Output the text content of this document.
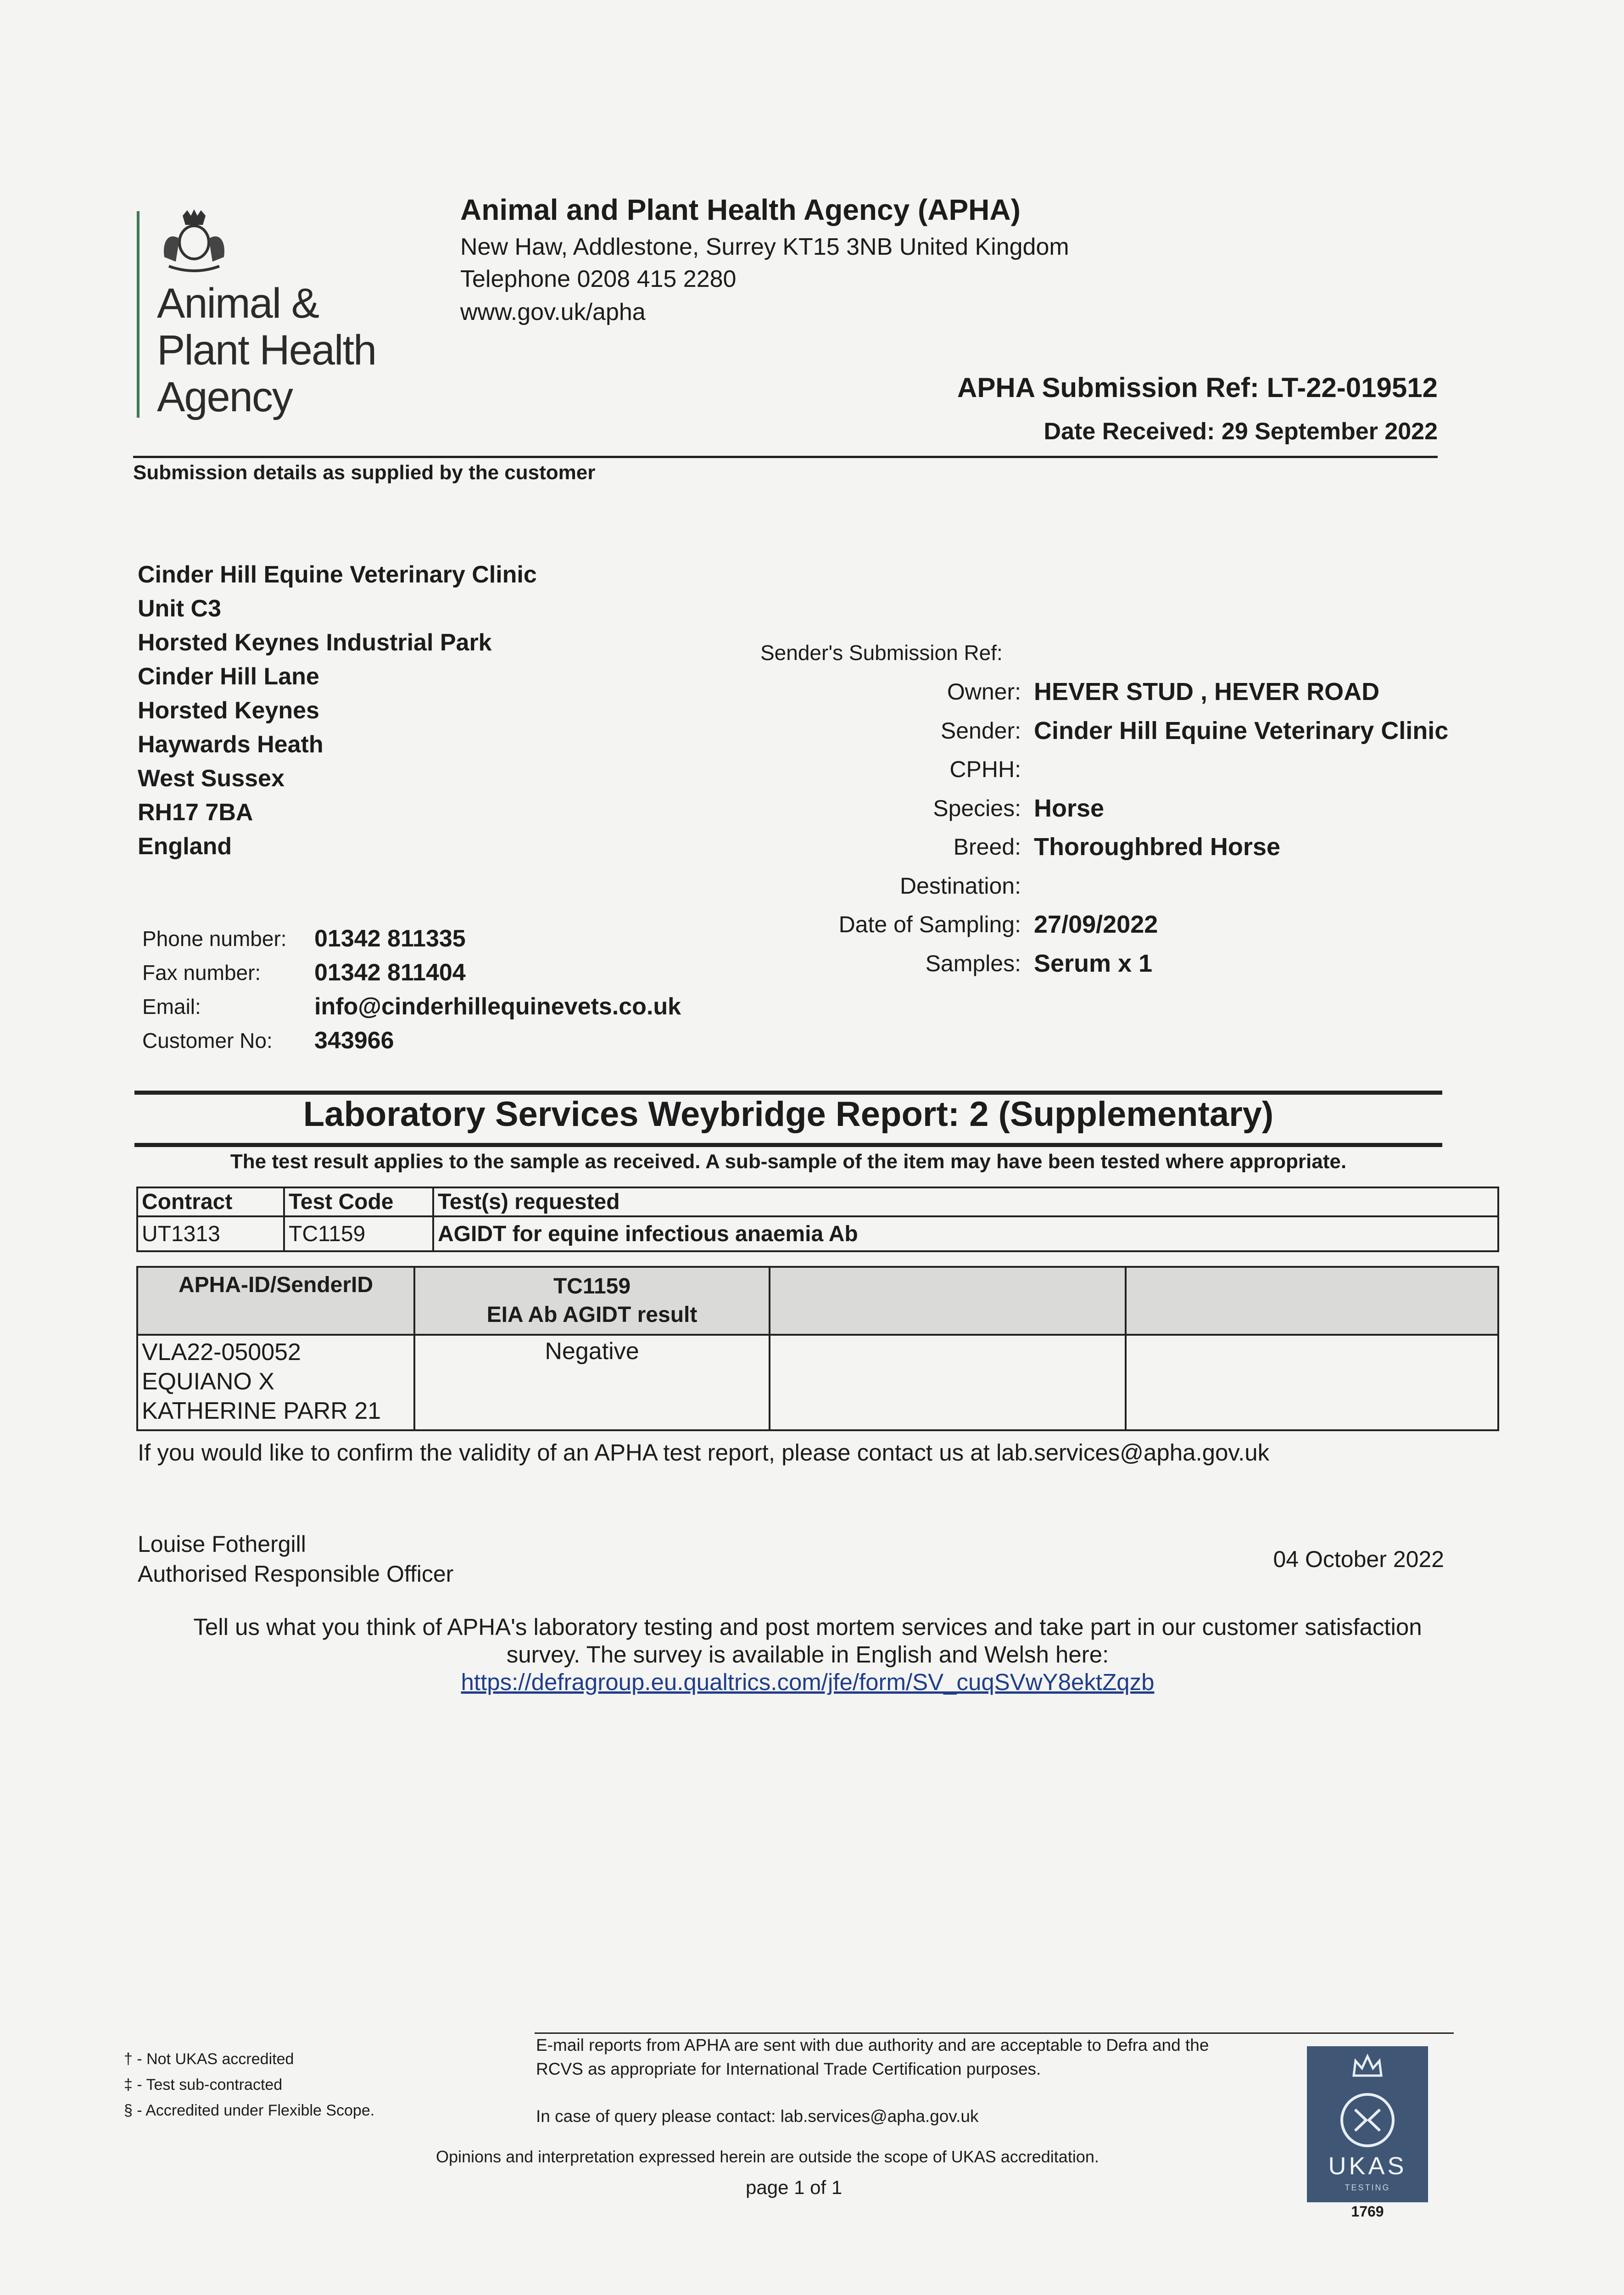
Animal &
Plant Health
Agency
Animal and Plant Health Agency (APHA)
New Haw, Addlestone, Surrey KT15 3NB United Kingdom
Telephone 0208 415 2280
www.gov.uk/apha
APHA Submission Ref: LT-22-019512
Date Received: 29 September 2022
Submission details as supplied by the customer
Cinder Hill Equine Veterinary Clinic
Unit C3
Horsted Keynes Industrial Park
Cinder Hill Lane
Horsted Keynes
Haywards Heath
West Sussex
RH17 7BA
England
Phone number:	01342 811335
Fax number:	01342 811404
Email:	info@cinderhillequinevets.co.uk
Customer No:	343966
Sender's Submission Ref:
Owner: HEVER STUD , HEVER ROAD
Sender: Cinder Hill Equine Veterinary Clinic
CPHH:
Species: Horse
Breed: Thoroughbred Horse
Destination:
Date of Sampling: 27/09/2022
Samples: Serum x 1
Laboratory Services Weybridge Report: 2 (Supplementary)
The test result applies to the sample as received. A sub-sample of the item may have been tested where appropriate.
Contract	Test Code	Test(s) requested
UT1313	TC1159	AGIDT for equine infectious anaemia Ab
APHA-ID/SenderID	TC1159
EIA Ab AGIDT result		

VLA22-050052
EQUIANO X
KATHERINE PARR 21	Negative		
If you would like to confirm the validity of an APHA test report, please contact us at lab.services@apha.gov.uk
Louise Fothergill
Authorised Responsible Officer
04 October 2022
Tell us what you think of APHA's laboratory testing and post mortem services and take part in our customer satisfaction
survey. The survey is available in English and Welsh here:
https://defragroup.eu.qualtrics.com/jfe/form/SV_cuqSVwY8ektZqzb
† - Not UKAS accredited
‡ - Test sub-contracted
§ - Accredited under Flexible Scope.
E-mail reports from APHA are sent with due authority and are acceptable to Defra and the RCVS as appropriate for International Trade Certification purposes.
In case of query please contact: lab.services@apha.gov.uk
Opinions and interpretation expressed herein are outside the scope of UKAS accreditation.
page 1 of 1
UKAS
TESTING
1769
